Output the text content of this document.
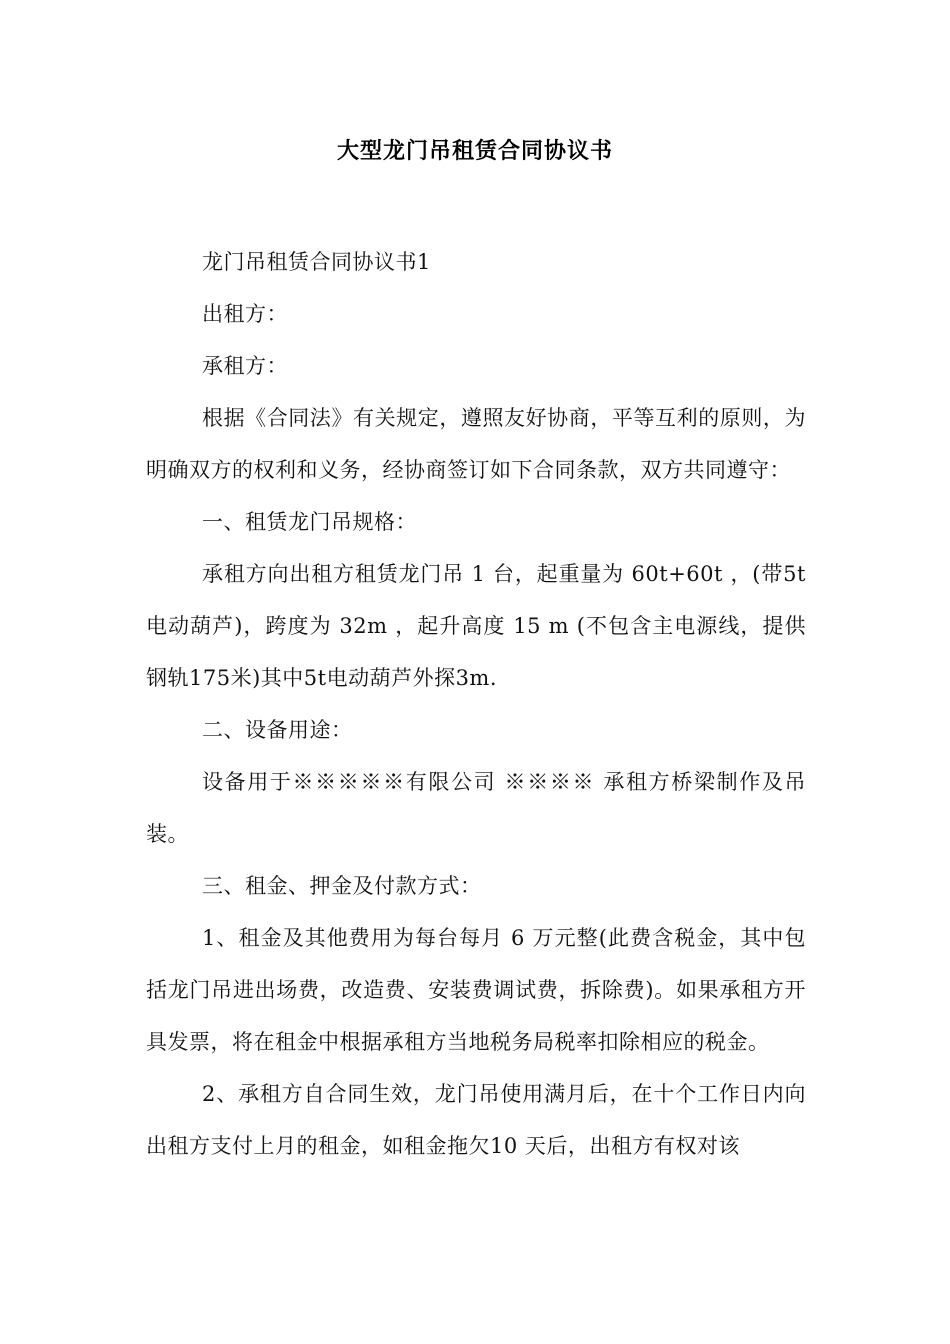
大型龙门吊租赁合同协议书

龙门吊租赁合同协议书1

出租方：

承租方：

根据《合同法》有关规定，遵照友好协商，平等互利的原则，为明确双方的权利和义务，经协商签订如下合同条款，双方共同遵守：

一、租赁龙门吊规格：

承租方向出租方租赁龙门吊 1 台，起重量为 60t+60t ，(带5t电动葫芦)，跨度为 32m ，起升高度 15 m (不包含主电源线，提供钢轨175米)其中5t电动葫芦外探3m.

二、设备用途：

设备用于※※※※※有限公司 ※※※※ 承租方桥梁制作及吊装。

三、租金、押金及付款方式：

1、租金及其他费用为每台每月 6 万元整(此费含税金，其中包括龙门吊进出场费，改造费、安装费调试费，拆除费)。如果承租方开具发票，将在租金中根据承租方当地税务局税率扣除相应的税金。

2、承租方自合同生效，龙门吊使用满月后，在十个工作日内向出租方支付上月的租金，如租金拖欠10 天后，出租方有权对该
